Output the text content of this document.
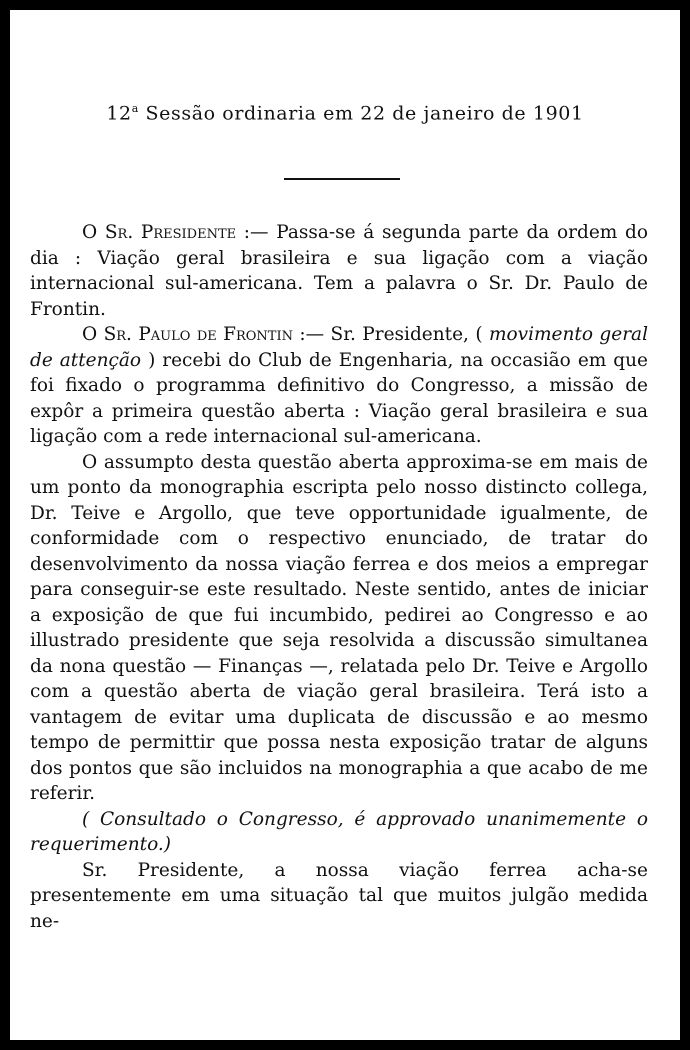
12$^a$ Sessão ordinaria em 22 de janeiro de 1901

O Sr. Presidente :— Passa-se á segunda parte da ordem do dia : Viação geral brasileira e sua ligação com a viação internacional sul-americana. Tem a palavra o Sr. Dr. Paulo de Frontin.

O Sr. Paulo de Frontin :— Sr. Presidente, ( movimento geral de attenção ) recebi do Club de Engenharia, na occasião em que foi fixado o programma definitivo do Congresso, a missão de expôr a primeira questão aberta : Viação geral brasileira e sua ligação com a rede internacional sul-americana.

O assumpto desta questão aberta approxima-se em mais de um ponto da monographia escripta pelo nosso distincto collega, Dr. Teive e Argollo, que teve opportunidade igualmente, de conformidade com o respectivo enunciado, de tratar do desenvolvimento da nossa viação ferrea e dos meios a empregar para conseguir-se este resultado. Neste sentido, antes de iniciar a exposição de que fui incumbido, pedirei ao Congresso e ao illustrado presidente que seja resolvida a discussão simultanea da nona questão — Finanças —, relatada pelo Dr. Teive e Argollo com a questão aberta de viação geral brasileira. Terá isto a vantagem de evitar uma duplicata de discussão e ao mesmo tempo de permittir que possa nesta exposição tratar de alguns dos pontos que são incluidos na monographia a que acabo de me referir.

( Consultado o Congresso, é approvado unanimemente o requerimento.)

Sr. Presidente, a nossa viação ferrea acha-se presentemente em uma situação tal que muitos julgão medida ne-
